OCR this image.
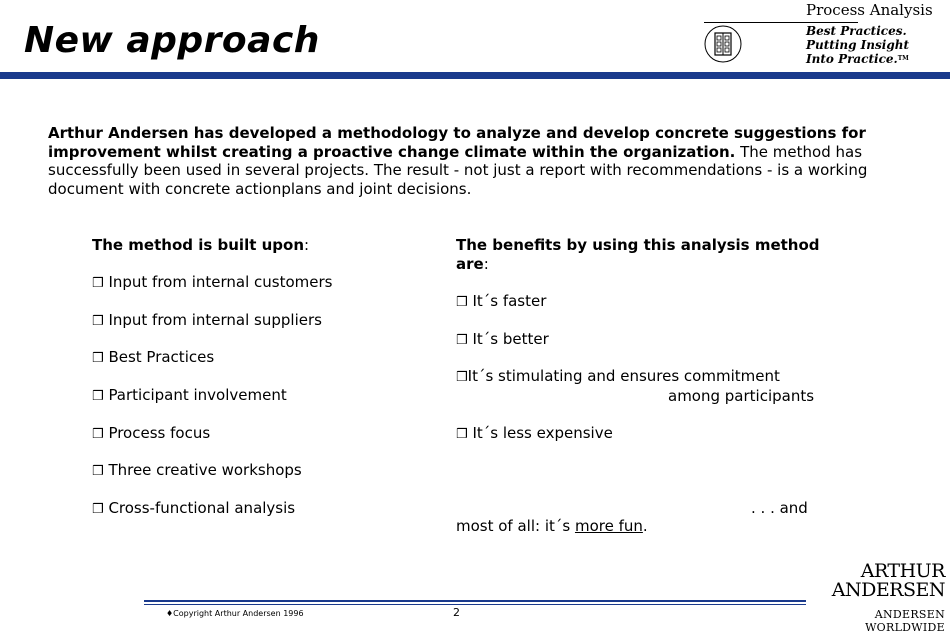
New approach
Process Analysis
Best Practices.
Putting Insight
Into Practice.™
Arthur Andersen has developed a methodology to analyze and develop concrete suggestions for improvement whilst creating a proactive change climate within the organization. The method has successfully been used in several projects. The result - not just a report with recommendations - is a working document with concrete actionplans and joint decisions.
The method is built upon:
❒ Input from internal customers
❒ Input from internal suppliers
❒ Best Practices
❒ Participant involvement
❒ Process focus
❒ Three creative workshops
❒ Cross-functional analysis
The benefits by using this analysis method are:
❒ It´s faster
❒ It´s better
❒It´s stimulating and ensures commitment
among participants
❒ It´s less expensive
. . . and
most of all: it´s more fun.
♦Copyright Arthur Andersen 1996	2
ARTHUR
ANDERSEN
ANDERSEN WORLDWIDE
